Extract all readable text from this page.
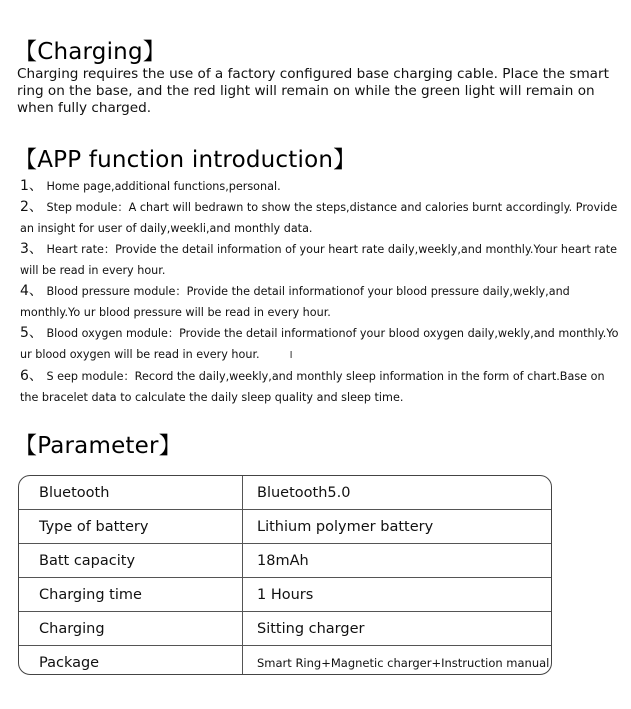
【Charging】

Charging requires the use of a factory configured base charging cable. Place the smart ring on the base, and the red light will remain on while the green light will remain on when fully charged.

【APP function introduction】
1、 Home page,additional functions,personal.
2、 Step module：A chart will bedrawn to show the steps,distance and calories burnt accordingly. Provide an insight for user of daily,weekli,and monthly data.
3、 Heart rate：Provide the detail information of your heart rate daily,weekly,and monthly.Your heart rate will be read in every hour.
4、 Blood pressure module：Provide the detail informationof your blood pressure daily,wekly,and monthly.Yo ur blood pressure will be read in every hour.
5、 Blood oxygen module：Provide the detail informationof your blood oxygen daily,wekly,and monthly.Yo ur blood oxygen will be read in every hour.	I
6、 S eep module：Record the daily,weekly,and monthly sleep information in the form of chart.Base on the bracelet data to calculate the daily sleep quality and sleep time.
【Parameter】
Bluetooth	Bluetooth5.0
Type of battery	Lithium polymer battery
Batt capacity	18mAh
Charging time	1 Hours
Charging	Sitting charger
Package	Smart Ring+Magnetic charger+Instruction manual
